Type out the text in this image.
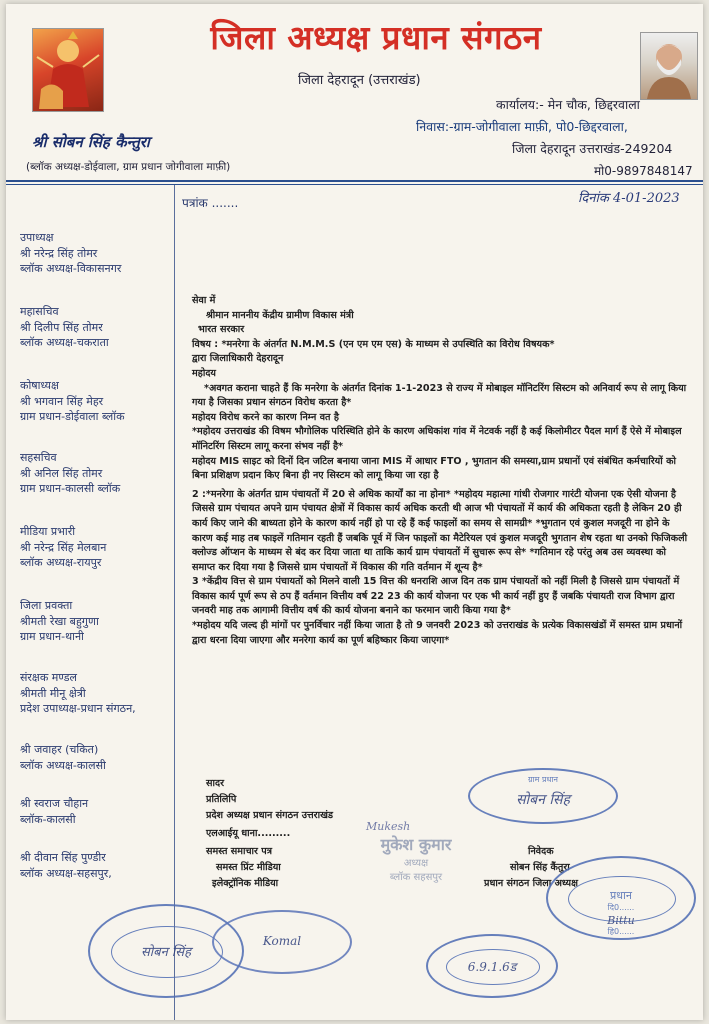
जिला अध्यक्ष प्रधान संगठन
जिला देहरादून (उत्तराखंड)
कार्यालय:- मेन चौक, छिद्दरवाला
निवास:-ग्राम-जोगीवाला माफ़ी, पो0-छिद्दरवाला,
जिला देहरादून उत्तराखंड-249204
मो0-9897848147
श्री सोबन सिंह कैन्तुरा
(ब्लॉक अध्यक्ष-डोईवाला, ग्राम प्रधान जोगीवाला माफ़ी)
पत्रांक .......	दिनांक 4-01-2023
उपाध्यक्ष
श्री नरेन्द्र सिंह तोमर
ब्लॉक अध्यक्ष-विकासनगर
महासचिव
श्री दिलीप सिंह तोमर
ब्लॉक अध्यक्ष-चकराता
कोषाध्यक्ष
श्री भगवान सिंह मेहर
ग्राम प्रधान-डोईवाला ब्लॉक
सहसचिव
श्री अनिल सिंह तोमर
ग्राम प्रधान-कालसी ब्लॉक
मीडिया प्रभारी
श्री नरेन्द्र सिंह मेलबान
ब्लॉक अध्यक्ष-रायपुर
जिला प्रवक्ता
श्रीमती रेखा बहुगुणा
ग्राम प्रधान-थानी
संरक्षक मण्डल
श्रीमती मीनू क्षेत्री
प्रदेश उपाध्यक्ष-प्रधान संगठन,
श्री जवाहर (चकित)
ब्लॉक अध्यक्ष-कालसी
श्री स्वराज चौहान
ब्लॉक-कालसी
श्री दीवान सिंह पुण्डीर
ब्लॉक अध्यक्ष-सहसपुर,

सेवा में

श्रीमान माननीय केंद्रीय ग्रामीण विकास मंत्री

भारत सरकार

विषय : *मनरेगा के अंतर्गत N.M.M.S (एन एम एम एस) के माध्यम से उपस्थिति का विरोध विषयक*

द्वारा जिलाधिकारी देहरादून

महोदय

*अवगत कराना चाहते हैं कि मनरेगा के अंतर्गत दिनांक 1-1-2023 से राज्य में मोबाइल मॉनिटरिंग सिस्टम को अनिवार्य रूप से लागू किया गया है जिसका प्रधान संगठन विरोध करता है*

महोदय विरोध करने का कारण निम्न वत है

*महोदय उत्तराखंड की विषम भौगोलिक परिस्थिति होने के कारण अधिकांश गांव में नेटवर्क नहीं है कई किलोमीटर पैदल मार्ग हैं ऐसे में मोबाइल मॉनिटरिंग सिस्टम लागू करना संभव नहीं है*

महोदय MIS साइट को दिनों दिन जटिल बनाया जाना MIS में आधार FTO , भुगतान की समस्या,ग्राम प्रधानों एवं संबंधित कर्मचारियों को बिना प्रशिक्षण प्रदान किए बिना ही नए सिस्टम को लागू किया जा रहा है

2 :*मनरेगा के अंतर्गत ग्राम पंचायतों में 20 से अधिक कार्यों का ना होना* *महोदय महात्मा गांधी रोजगार गारंटी योजना एक ऐसी योजना है जिससे ग्राम पंचायत अपने ग्राम पंचायत क्षेत्रों में विकास कार्य अधिक करती थी आज भी पंचायतों में कार्य की अधिकता रहती है लेकिन 20 ही कार्य किए जाने की बाध्यता होने के कारण कार्य नहीं हो पा रहे हैं कई फाइलों का समय से सामग्री* *भुगतान एवं कुशल मजदूरी ना होने के कारण कई माह तब फाइलें गतिमान रहती हैं जबकि पूर्व में जिन फाइलों का मैटेरियल एवं कुशल मजदूरी भुगतान शेष रहता था उनको फिजिकली क्लोज्ड ऑप्शन के माध्यम से बंद कर दिया जाता था ताकि कार्य ग्राम पंचायतों में सुचारू रूप से* *गतिमान रहे परंतु अब उस व्यवस्था को समाप्त कर दिया गया है जिससे ग्राम पंचायतों में विकास की गति वर्तमान में शून्य है*

3 *केंद्रीय वित्त से ग्राम पंचायतों को मिलने वाली 15 वित्त की धनराशि आज दिन तक ग्राम पंचायतों को नहीं मिली है जिससे ग्राम पंचायतों में विकास कार्य पूर्ण रूप से ठप हैं वर्तमान वित्तीय वर्ष 22 23 की कार्य योजना पर एक भी कार्य नहीं हुए हैं जबकि पंचायती राज विभाग द्वारा जनवरी माह तक आगामी वित्तीय वर्ष की कार्य योजना बनाने का फरमान जारी किया गया है*

*महोदय यदि जल्द ही मांगों पर पुनर्विचार नहीं किया जाता है तो 9 जनवरी 2023 को उत्तराखंड के प्रत्येक विकासखंडों में समस्त ग्राम प्रधानों द्वारा धरना दिया जाएगा और मनरेगा कार्य का पूर्ण बहिष्कार किया जाएगा*

सादर
प्रतिलिपि
प्रदेश अध्यक्ष प्रधान संगठन उत्तराखंड
एलआईयू धाना.........
समस्त समाचार पत्र
समस्त प्रिंट मीडिया
इलेक्ट्रॉनिक मीडिया
निवेदक
सोबन सिंह कैंतुरा
प्रधान संगठन जिला अध्यक्ष
ग्राम प्रधान
सोबन सिंह
प्रधान
दि0......
Bittu
हि0......
Mukesh
मुकेश कुमार
अध्यक्ष
ब्लॉक सहसपुर
सोबन सिंह
Komal
6.9.1.6ड
